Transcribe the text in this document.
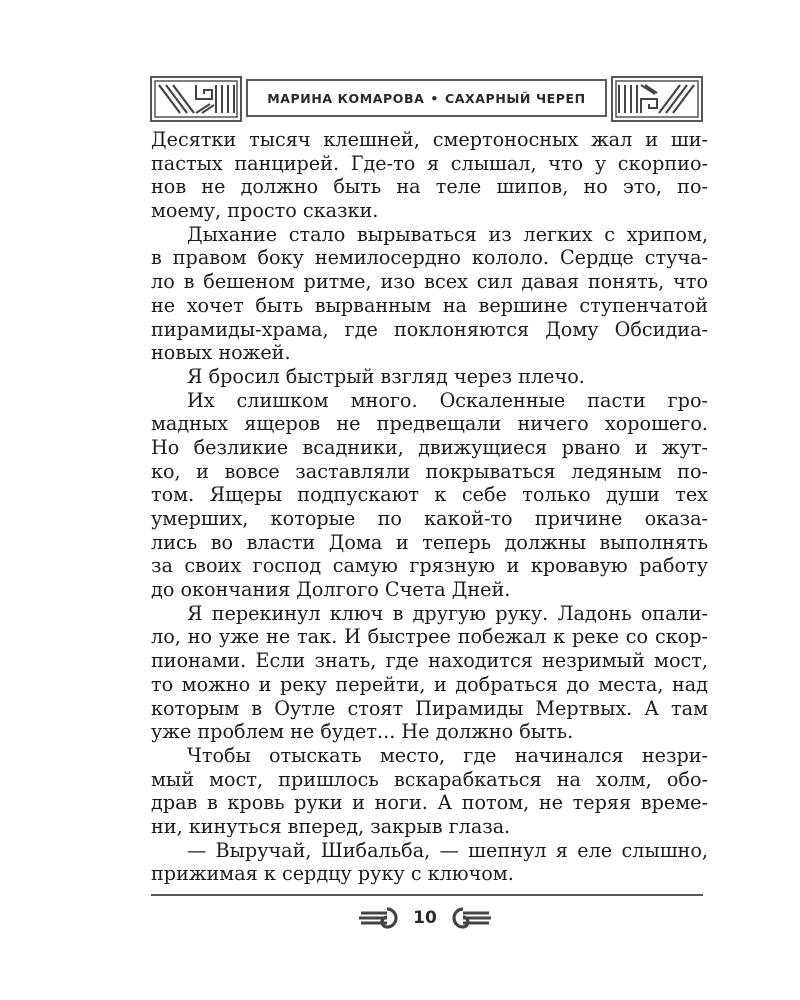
МАРИНА КОМАРОВА • САХАРНЫЙ ЧЕРЕП
Десятки тысяч клешней, смертоносных жал и ши-
пастых панцирей. Где-то я слышал, что у скорпио-
нов не должно быть на теле шипов, но это, по-
моему, просто сказки.
Дыхание стало вырываться из легких с хрипом,
в правом боку немилосердно кололо. Сердце стуча-
ло в бешеном ритме, изо всех сил давая понять, что
не хочет быть вырванным на вершине ступенчатой
пирамиды-храма, где поклоняются Дому Обсидиа-
новых ножей.
Я бросил быстрый взгляд через плечо.
Их слишком много. Оскаленные пасти гро-
мадных ящеров не предвещали ничего хорошего.
Но безликие всадники, движущиеся рвано и жут-
ко, и вовсе заставляли покрываться ледяным по-
том. Ящеры подпускают к себе только души тех
умерших, которые по какой-то причине оказа-
лись во власти Дома и теперь должны выполнять
за своих господ самую грязную и кровавую работу
до окончания Долгого Счета Дней.
Я перекинул ключ в другую руку. Ладонь опали-
ло, но уже не так. И быстрее побежал к реке со скор-
пионами. Если знать, где находится незримый мост,
то можно и реку перейти, и добраться до места, над
которым в Оутле стоят Пирамиды Мертвых. А там
уже проблем не будет... Не должно быть.
Чтобы отыскать место, где начинался незри-
мый мост, пришлось вскарабкаться на холм, обо-
драв в кровь руки и ноги. А потом, не теряя време-
ни, кинуться вперед, закрыв глаза.
— Выручай, Шибальба, — шепнул я еле слышно,
прижимая к сердцу руку с ключом.
10
